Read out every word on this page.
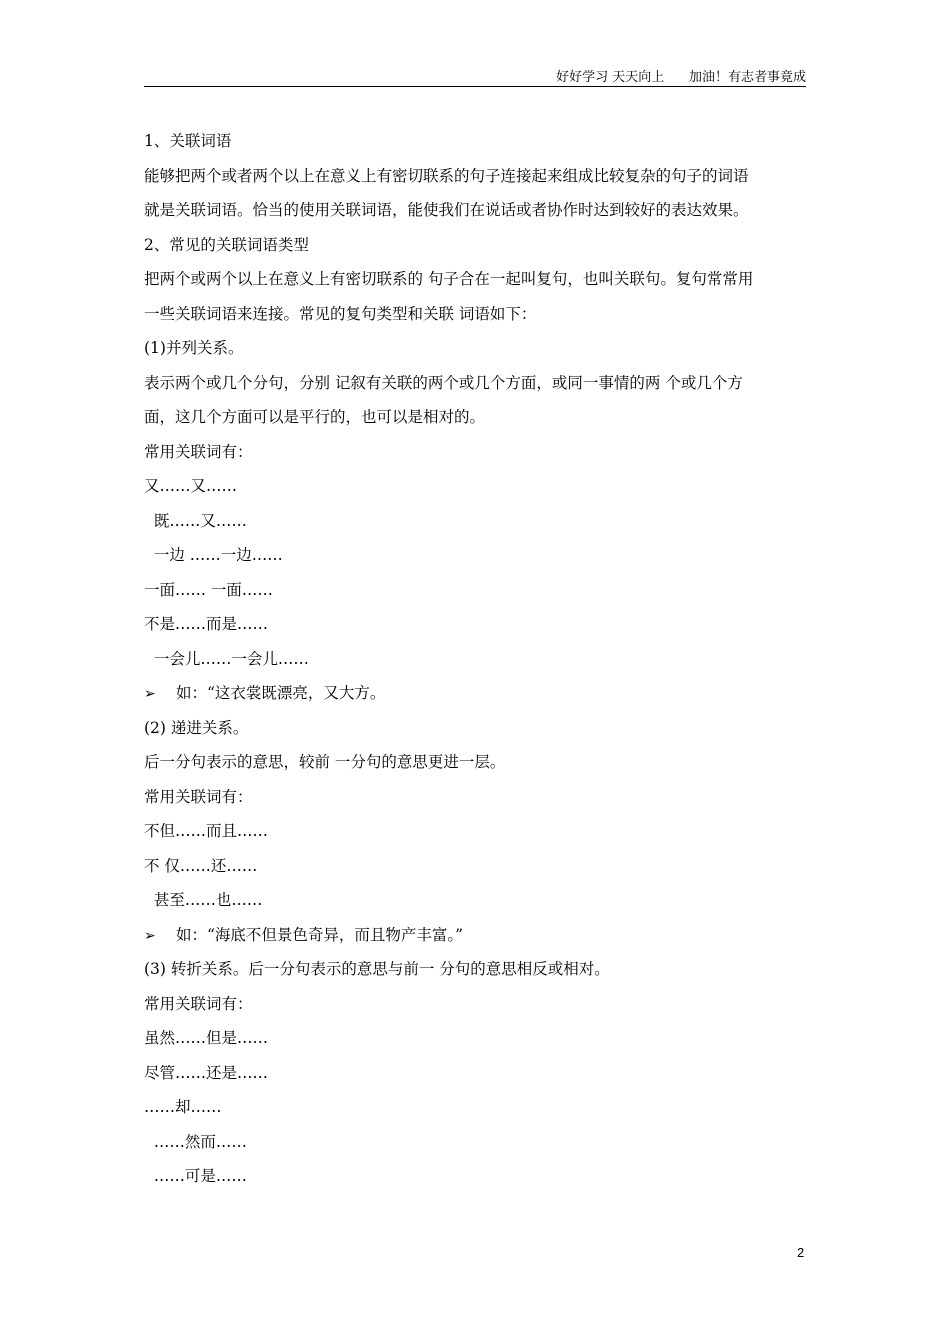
好好学习 天天向上      加油！有志者事竟成
1、关联词语
能够把两个或者两个以上在意义上有密切联系的句子连接起来组成比较复杂的句子的词语
就是关联词语。恰当的使用关联词语，能使我们在说话或者协作时达到较好的表达效果。
2、常见的关联词语类型
把两个或两个以上在意义上有密切联系的 句子合在一起叫复句，也叫关联句。复句常常用
一些关联词语来连接。常见的复句类型和关联 词语如下：
(1)并列关系。
表示两个或几个分句，分别 记叙有关联的两个或几个方面，或同一事情的两 个或几个方
面，这几个方面可以是平行的，也可以是相对的。
常用关联词有：
又……又……
既……又……
一边 ……一边……
一面…… 一面……
不是……而是……
一会儿……一会儿……
➢ 如：“这衣裳既漂亮，又大方。
(2) 递进关系。
后一分句表示的意思，较前 一分句的意思更进一层。
常用关联词有：
不但……而且……
不 仅……还……
甚至……也……
➢ 如：“海底不但景色奇异，而且物产丰富。”
(3) 转折关系。后一分句表示的意思与前一 分句的意思相反或相对。
常用关联词有：
虽然……但是……
尽管……还是……
……却……
……然而……
……可是……
2
